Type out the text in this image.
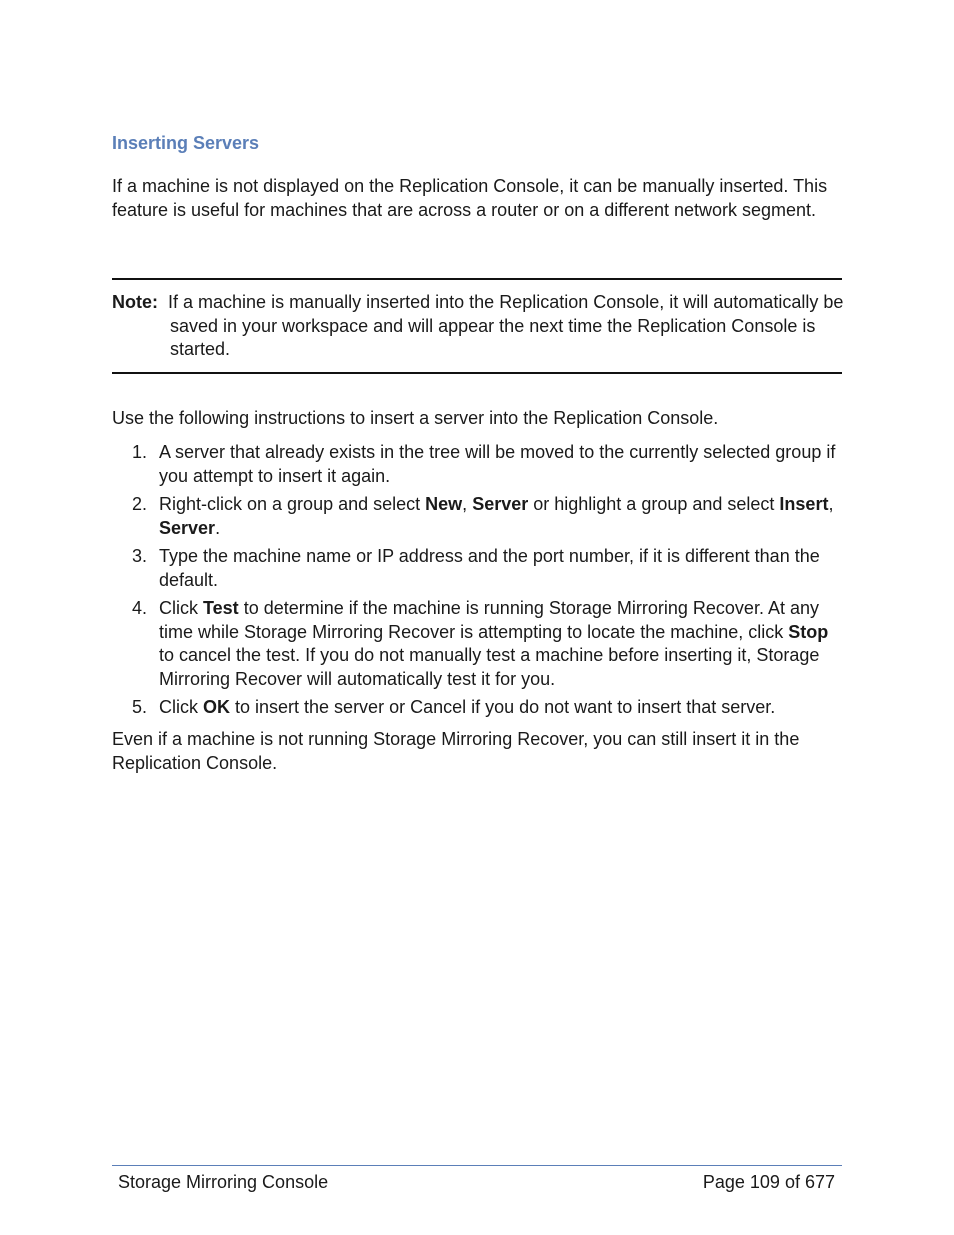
Inserting Servers

If a machine is not displayed on the Replication Console, it can be manually inserted. This feature is useful for machines that are across a router or on a different network segment.

Note: If a machine is manually inserted into the Replication Console, it will automatically be saved in your workspace and will appear the next time the Replication Console is started.

Use the following instructions to insert a server into the Replication Console.

1. A server that already exists in the tree will be moved to the currently selected group if you attempt to insert it again.
2. Right-click on a group and select New, Server or highlight a group and select Insert, Server.
3. Type the machine name or IP address and the port number, if it is different than the default.
4. Click Test to determine if the machine is running Storage Mirroring Recover. At any time while Storage Mirroring Recover is attempting to locate the machine, click Stop to cancel the test. If you do not manually test a machine before inserting it, Storage Mirroring Recover will automatically test it for you.
5. Click OK to insert the server or Cancel if you do not want to insert that server.

Even if a machine is not running Storage Mirroring Recover, you can still insert it in the Replication Console.

Storage Mirroring Console	Page 109 of 677
